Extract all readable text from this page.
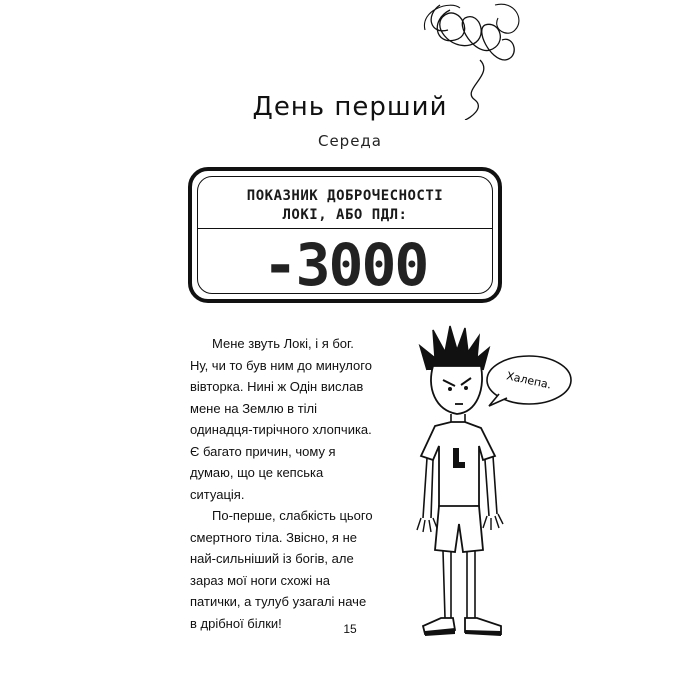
День перший
Середа
ПОКАЗНИК ДОБРОЧЕСНОСТІ
ЛОКІ, АБО ПДЛ:
-3000

Мене звуть Локі, і я бог. Ну, чи то був ним до минулого вівторка. Нині ж Одін вислав мене на Землю в тілі одинадця-тирічного хлопчика. Є багато причин, чому я думаю, що це кепська ситуація.

По-перше, слабкість цього смертного тіла. Звісно, я не най-сильніший із богів, але зараз мої ноги схожі на патички, а тулуб узагалі наче в дрібної білки!

Халепа.
15
